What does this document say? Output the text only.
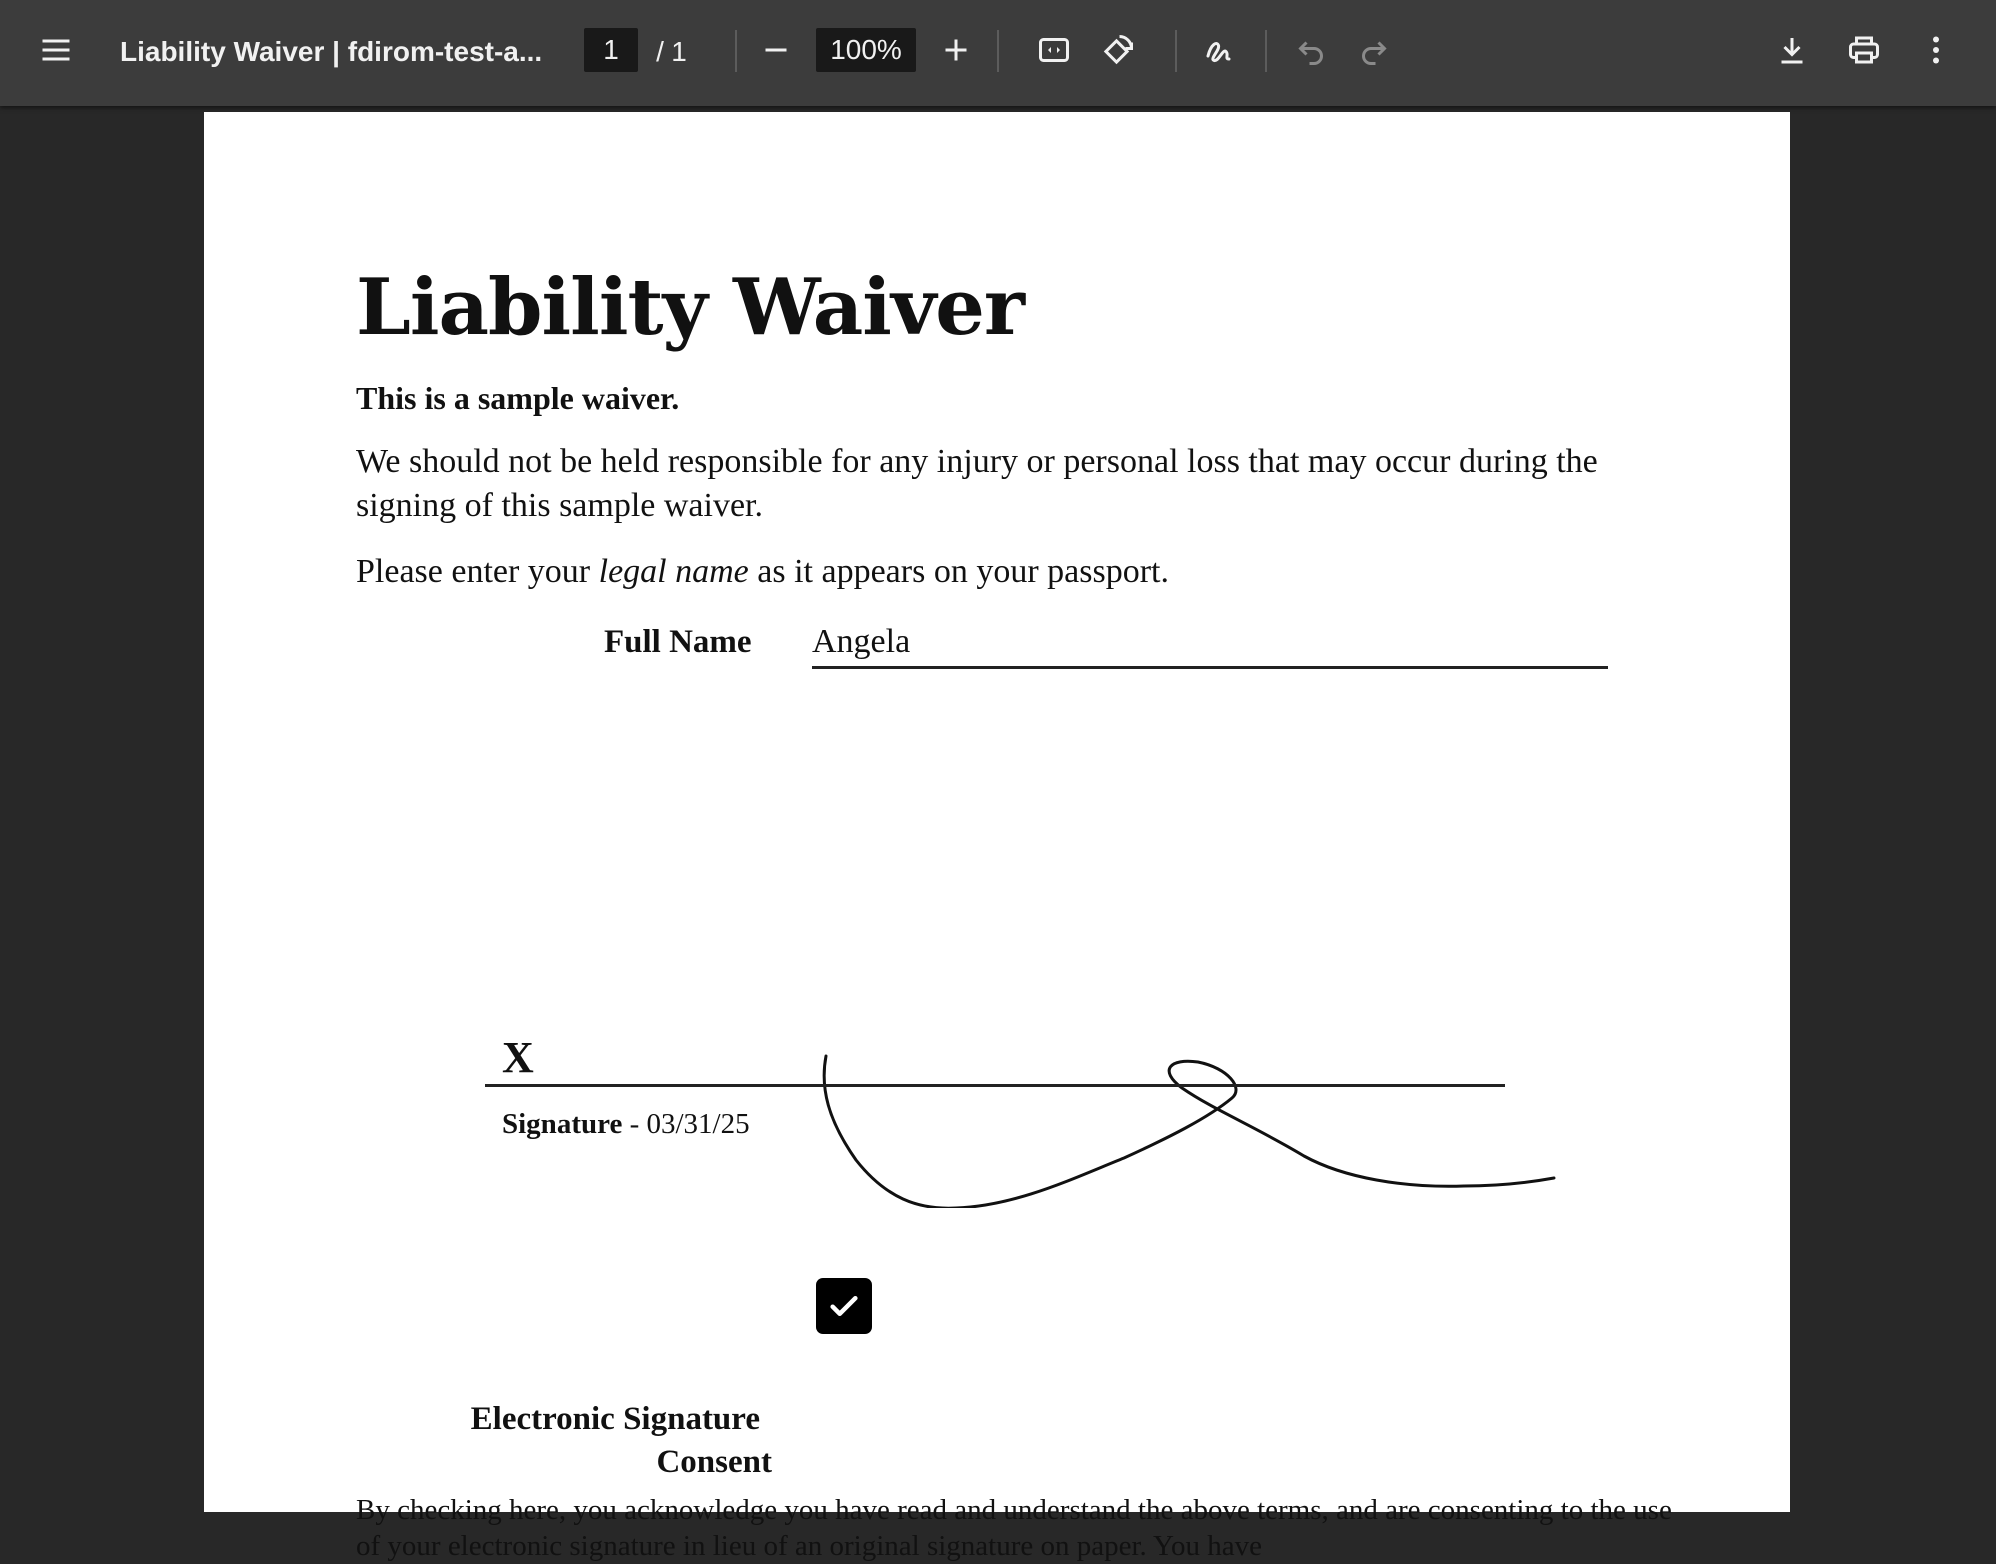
Liability Waiver | fdirom-test-a...	1	/ 1	100%
Liability Waiver
This is a sample waiver.
We should not be held responsible for any injury or personal loss that may occur during the signing of this sample waiver.
Please enter your legal name as it appears on your passport.
Full Name Angela
X
Signature - 03/31/25
Electronic Signature
Consent
By checking here, you acknowledge you have read and understand the above terms, and are consenting to the use of your electronic signature in lieu of an original signature on paper. You have
